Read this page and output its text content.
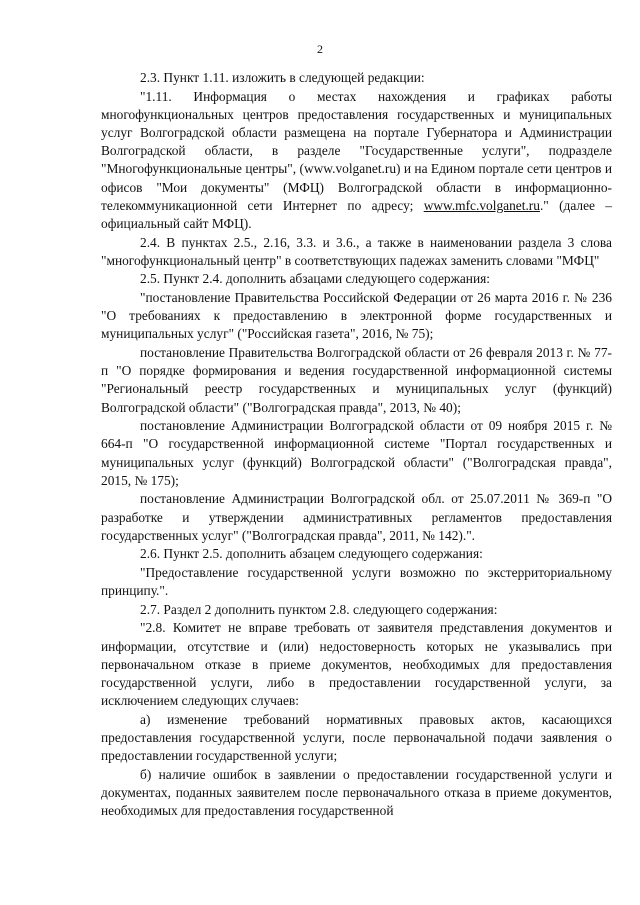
2

2.3. Пункт 1.11. изложить в следующей редакции:

"1.11. Информация о местах нахождения и графиках работы многофункциональных центров предоставления государственных и муниципальных услуг Волгоградской области размещена на портале Губернатора и Администрации Волгоградской области, в разделе "Государственные услуги", подразделе "Многофункциональные центры", (www.volganet.ru) и на Едином портале сети центров и офисов "Мои документы" (МФЦ) Волгоградской области в информационно-телекоммуникационной сети Интернет по адресу; www.mfc.volganet.ru." (далее – официальный сайт МФЦ).

2.4. В пунктах 2.5., 2.16, 3.3. и 3.6., а также в наименовании раздела 3 слова "многофункциональный центр" в соответствующих падежах заменить словами "МФЦ"

2.5. Пункт 2.4. дополнить абзацами следующего содержания:

"постановление Правительства Российской Федерации от 26 марта 2016 г. № 236 "О требованиях к предоставлению в электронной форме государственных и муниципальных услуг" ("Российская газета", 2016, № 75);

постановление Правительства Волгоградской области от 26 февраля 2013 г. № 77-п "О порядке формирования и ведения государственной информационной системы "Региональный реестр государственных и муниципальных услуг (функций) Волгоградской области" ("Волгоградская правда", 2013, № 40);

постановление Администрации Волгоградской области от 09 ноября 2015 г. № 664-п "О государственной информационной системе "Портал государственных и муниципальных услуг (функций) Волгоградской области" ("Волгоградская правда", 2015, № 175);

постановление Администрации Волгоградской обл. от 25.07.2011 № 369-п "О разработке и утверждении административных регламентов предоставления государственных услуг" ("Волгоградская правда", 2011, № 142).".

2.6. Пункт 2.5. дополнить абзацем следующего содержания:

"Предоставление государственной услуги возможно по экстерриториальному принципу.".

2.7. Раздел 2 дополнить пунктом 2.8. следующего содержания:

"2.8. Комитет не вправе требовать от заявителя представления документов и информации, отсутствие и (или) недостоверность которых не указывались при первоначальном отказе в приеме документов, необходимых для предоставления государственной услуги, либо в предоставлении государственной услуги, за исключением следующих случаев:

а) изменение требований нормативных правовых актов, касающихся предоставления государственной услуги, после первоначальной подачи заявления о предоставлении государственной услуги;

б) наличие ошибок в заявлении о предоставлении государственной услуги и документах, поданных заявителем после первоначального отказа в приеме документов, необходимых для предоставления государственной
